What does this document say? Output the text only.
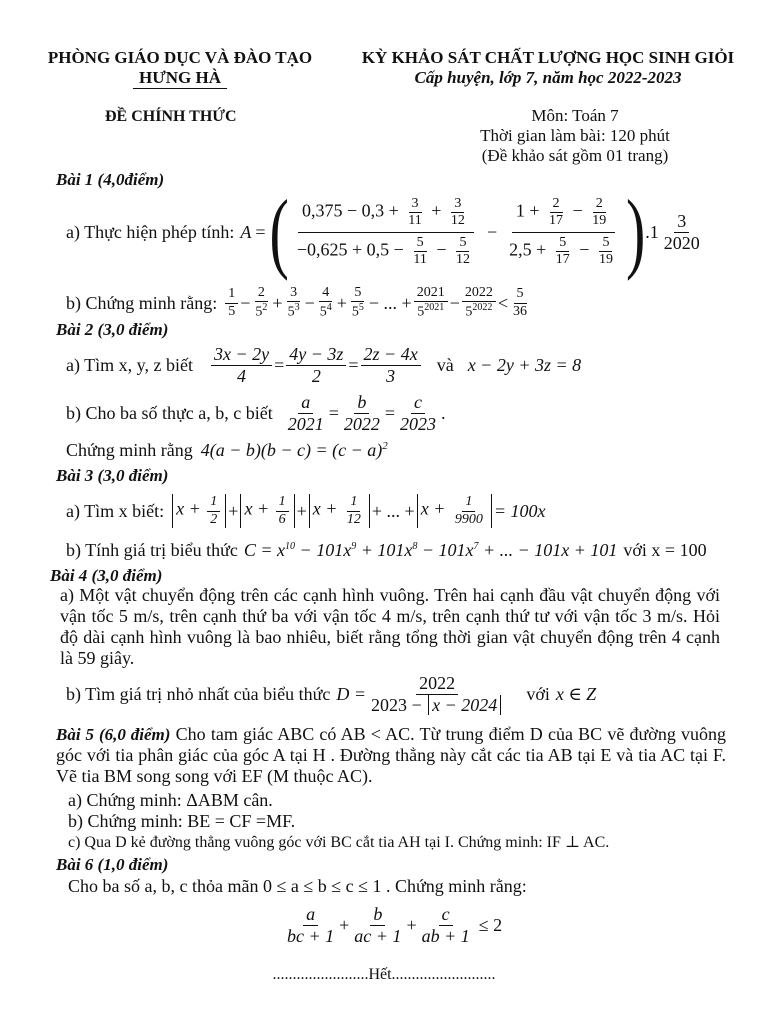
PHÒNG GIÁO DỤC VÀ ĐÀO TẠO
HƯNG HÀ
KỲ KHẢO SÁT CHẤT LƯỢNG HỌC SINH GIỎI
Cấp huyện, lớp 7, năm học 2022-2023
ĐỀ CHÍNH THỨC	Môn: Toán 7
Thời gian làm bài: 120 phút
(Đề khảo sát gồm 01 trang)
Bài 1 (4,0điểm)
a) Thực hiện phép tính: A = ( $\frac{0,375 - 0,3 + \frac{3}{11} + \frac{3}{12}}{-0,625 + 0,5 - \frac{5}{11} - \frac{5}{12}} - \frac{1 + \frac{2}{17} - \frac{2}{19}}{2,5 + \frac{5}{17} - \frac{5}{19}}$ ) $.1 \frac{3}{2020}$
b) Chứng minh rằng: $\frac{1}{5} - \frac{2}{5^2} + \frac{3}{5^3} - \frac{4}{5^4} + \frac{5}{5^5}$ − ... + $\frac{2021}{5^{2021}} - \frac{2022}{5^{2022}} < \frac{5}{36}$
Bài 2 (3,0 điểm)
a) Tìm x, y, z biết $\frac{3x - 2y}{4} = \frac{4y - 3z}{2} = \frac{2z - 4x}{3}$ và x − 2y + 3z = 8
b) Cho ba số thực a, b, c biết $\frac{a}{2021} = \frac{b}{2022} = \frac{c}{2023}$ .
Chứng minh rằng $4(a - b)(b - c) = (c - a)^2$
Bài 3 (3,0 điểm)
a) Tìm x biết: $x + \frac{1}{2} + x + \frac{1}{6} + x + \frac{1}{12}$ + ... + $x + \frac{1}{9900} = 100x$
b) Tính giá trị biểu thức $C = x^{10} - 101x^9 + 101x^8 - 101x^7$ + ... − 101x + 101 với x = 100
Bài 4 (3,0 điểm)
a) Một vật chuyển động trên các cạnh hình vuông. Trên hai cạnh đầu vật chuyển động với vận tốc 5 m/s, trên cạnh thứ ba với vận tốc 4 m/s, trên cạnh thứ tư với vận tốc 3 m/s. Hỏi độ dài cạnh hình vuông là bao nhiêu, biết rằng tổng thời gian vật chuyển động trên 4 cạnh là 59 giây.
b) Tìm giá trị nhỏ nhất của biểu thức $D = \frac{2022}{2023 - x - 2024}$ với x ∈ Z
Bài 5 (6,0 điểm) Cho tam giác ABC có AB < AC. Từ trung điểm D của BC vẽ đường vuông góc với tia phân giác của góc A tại H . Đường thẳng này cắt các tia AB tại E và tia AC tại F. Vẽ tia BM song song với EF (M thuộc AC).
a) Chứng minh: ΔABM cân.
b) Chứng minh: BE = CF =MF.
c) Qua D kẻ đường thẳng vuông góc với BC cắt tia AH tại I. Chứng minh: IF ⊥ AC.
Bài 6 (1,0 điểm)
Cho ba số a, b, c thỏa mãn 0 ≤ a ≤ b ≤ c ≤ 1 . Chứng minh rằng:
$\frac{a}{bc + 1} + \frac{b}{ac + 1} + \frac{c}{ab + 1} \le 2$
........................Hết..........................
